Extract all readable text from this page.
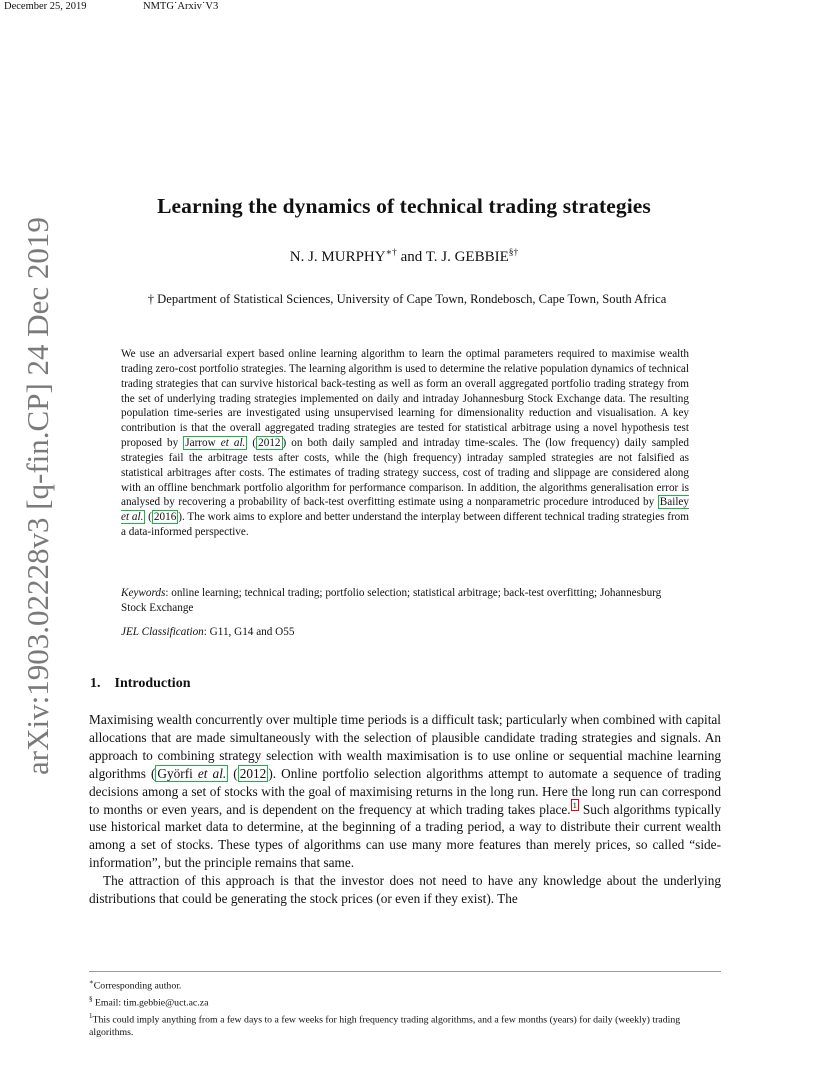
December 25, 2019	NMTG˙Arxiv˙V3
arXiv:1903.02228v3 [q-fin.CP] 24 Dec 2019
Learning the dynamics of technical trading strategies
N. J. MURPHY∗† and T. J. GEBBIE§†
† Department of Statistical Sciences, University of Cape Town, Rondebosch, Cape Town, South Africa
We use an adversarial expert based online learning algorithm to learn the optimal parameters required to maximise wealth trading zero-cost portfolio strategies. The learning algorithm is used to determine the relative population dynamics of technical trading strategies that can survive historical back-testing as well as form an overall aggregated portfolio trading strategy from the set of underlying trading strategies implemented on daily and intraday Johannesburg Stock Exchange data. The resulting population time-series are investigated using unsupervised learning for dimensionality reduction and visualisation. A key contribution is that the overall aggregated trading strategies are tested for statistical arbitrage using a novel hypothesis test proposed by Jarrow et al. ( 2012 ) on both daily sampled and intraday time-scales. The (low frequency) daily sampled strategies fail the arbitrage tests after costs, while the (high frequency) intraday sampled strategies are not falsified as statistical arbitrages after costs. The estimates of trading strategy success, cost of trading and slippage are considered along with an offline benchmark portfolio algorithm for performance comparison. In addition, the algorithms generalisation error is analysed by recovering a probability of back-test overfitting estimate using a nonparametric procedure introduced by Bailey et al. ( 2016 ). The work aims to explore and better understand the interplay between different technical trading strategies from a data-informed perspective.
Keywords: online learning; technical trading; portfolio selection; statistical arbitrage; back-test overfitting; Johannesburg Stock Exchange
JEL Classification: G11, G14 and O55
1. Introduction

Maximising wealth concurrently over multiple time periods is a difficult task; particularly when combined with capital allocations that are made simultaneously with the selection of plausible candidate trading strategies and signals. An approach to combining strategy selection with wealth maximisation is to use online or sequential machine learning algorithms ( Györfi et al. ( 2012 ). Online portfolio selection algorithms attempt to automate a sequence of trading decisions among a set of stocks with the goal of maximising returns in the long run. Here the long run can correspond to months or even years, and is dependent on the frequency at which trading takes place. $^1$ Such algorithms typically use historical market data to determine, at the beginning of a trading period, a way to distribute their current wealth among a set of stocks. These types of algorithms can use many more features than merely prices, so called “side-information”, but the principle remains that same.

The attraction of this approach is that the investor does not need to have any knowledge about the underlying distributions that could be generating the stock prices (or even if they exist). The

∗Corresponding author.
§ Email: tim.gebbie@uct.ac.za
$^1$This could imply anything from a few days to a few weeks for high frequency trading algorithms, and a few months (years) for daily (weekly) trading algorithms.
